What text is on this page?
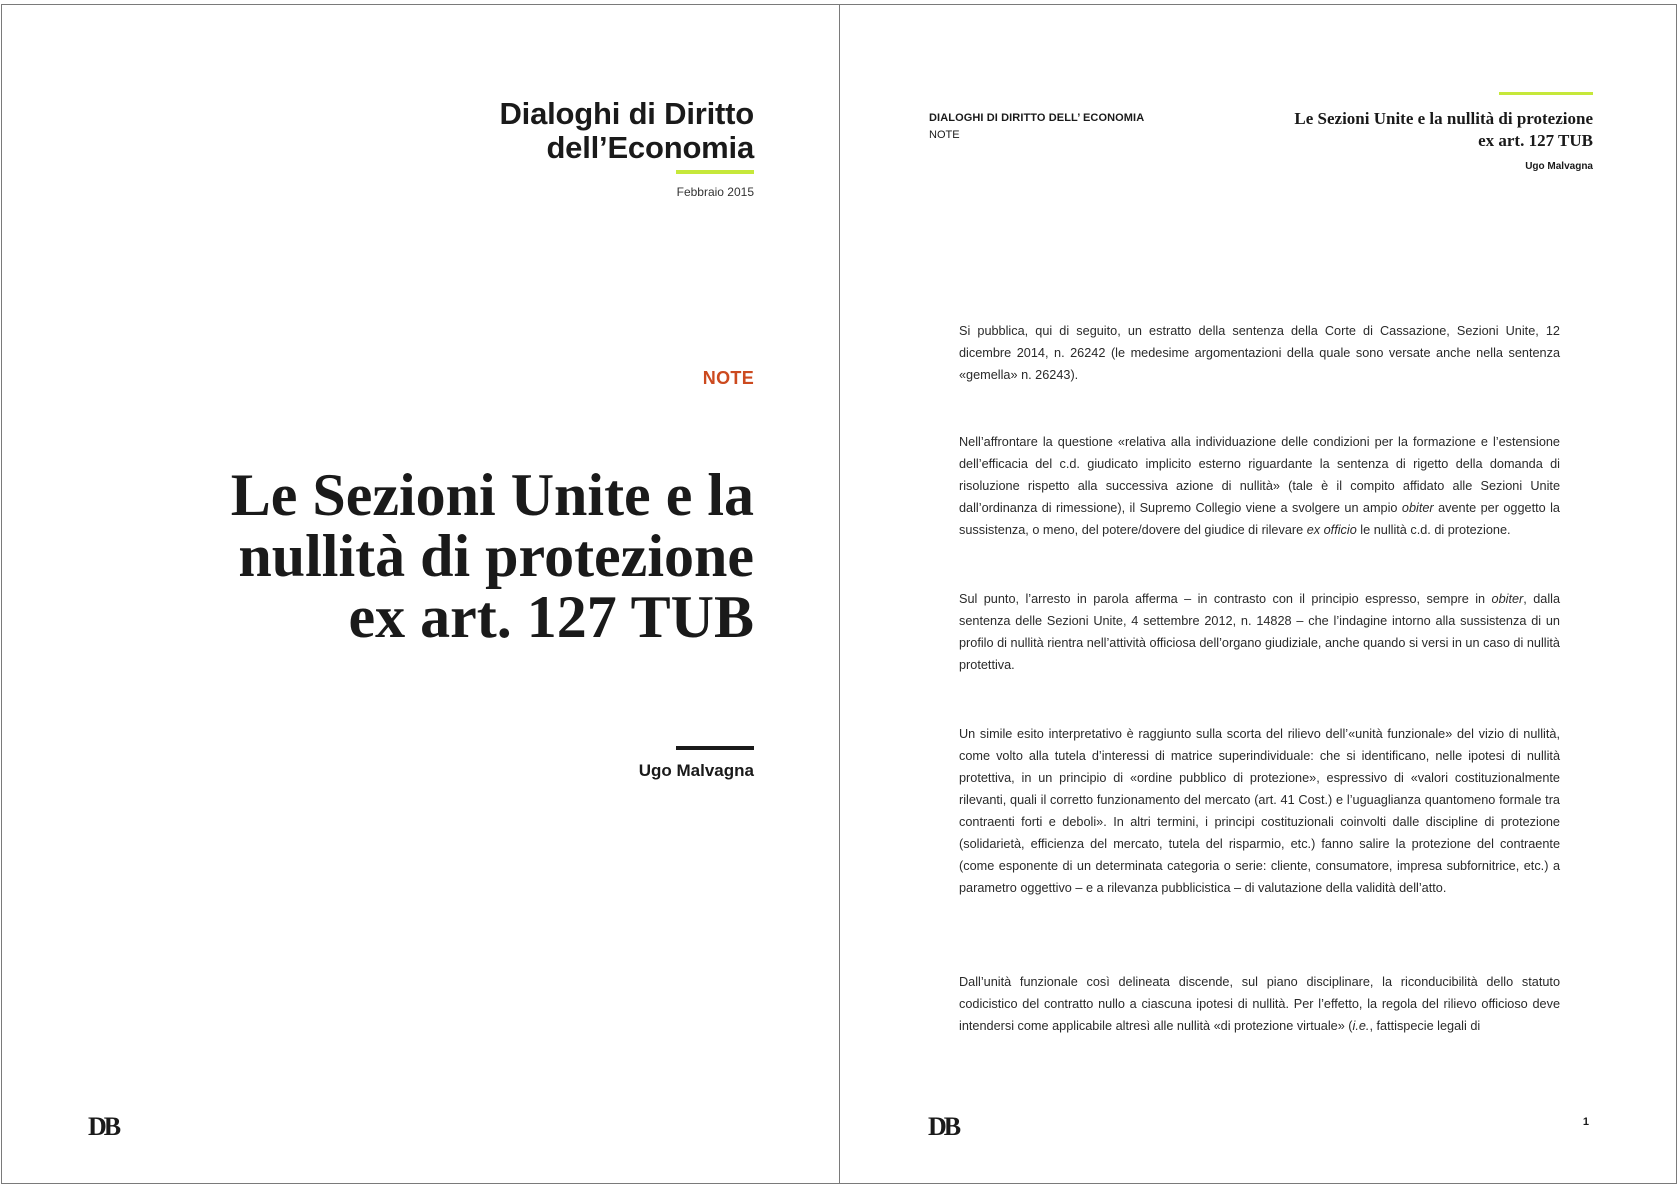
Dialoghi di Diritto
dell’Economia
Febbraio 2015
NOTE
Le Sezioni Unite e la
nullità di protezione
ex art. 127 TUB
Ugo Malvagna
DB
DIALOGHI DI DIRITTO DELL’ ECONOMIA
NOTE
Le Sezioni Unite e la nullità di protezione
ex art. 127 TUB
Ugo Malvagna

Si pubblica, qui di seguito, un estratto della sentenza della Corte di Cassazione, Sezioni Unite, 12 dicembre 2014, n. 26242 (le medesime argomentazioni della quale sono versate anche nella sentenza «gemella» n. 26243).

Nell’affrontare la questione «relativa alla individuazione delle condizioni per la formazione e l’estensione dell’efficacia del c.d. giudicato implicito esterno riguardante la sentenza di rigetto della domanda di risoluzione rispetto alla successiva azione di nullità» (tale è il compito affidato alle Sezioni Unite dall’ordinanza di rimessione), il Supremo Collegio viene a svolgere un ampio obiter avente per oggetto la sussistenza, o meno, del potere/dovere del giudice di rilevare ex officio le nullità c.d. di protezione.

Sul punto, l’arresto in parola afferma – in contrasto con il principio espresso, sempre in obiter, dalla sentenza delle Sezioni Unite, 4 settembre 2012, n. 14828 – che l’indagine intorno alla sussistenza di un profilo di nullità rientra nell’attività officiosa dell’organo giudiziale, anche quando si versi in un caso di nullità protettiva.

Un simile esito interpretativo è raggiunto sulla scorta del rilievo dell’«unità funzionale» del vizio di nullità, come volto alla tutela d’interessi di matrice superindividuale: che si identificano, nelle ipotesi di nullità protettiva, in un principio di «ordine pubblico di protezione», espressivo di «valori costituzionalmente rilevanti, quali il corretto funzionamento del mercato (art. 41 Cost.) e l’uguaglianza quantomeno formale tra contraenti forti e deboli». In altri termini, i principi costituzionali coinvolti dalle discipline di protezione (solidarietà, efficienza del mercato, tutela del risparmio, etc.) fanno salire la protezione del contraente (come esponente di un determinata categoria o serie: cliente, consumatore, impresa subfornitrice, etc.) a parametro oggettivo – e a rilevanza pubblicistica – di valutazione della validità dell’atto.

Dall’unità funzionale così delineata discende, sul piano disciplinare, la riconducibilità dello statuto codicistico del contratto nullo a ciascuna ipotesi di nullità. Per l’effetto, la regola del rilievo officioso deve intendersi come applicabile altresì alle nullità «di protezione virtuale» (i.e., fattispecie legali di

DB	1
